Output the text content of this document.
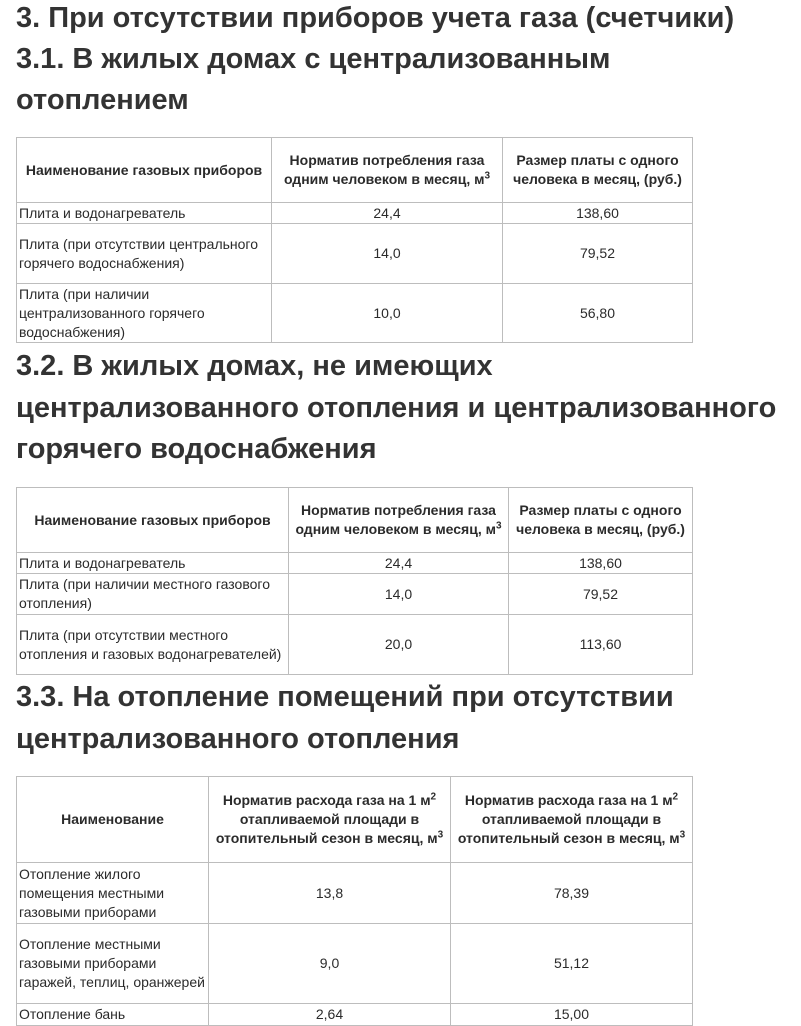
3. При отсутствии приборов учета газа (счетчики)
3.1. В жилых домах с централизованным
отоплением
Наименование газовых приборов	Норматив потребления газа одним человеком в месяц, $м^3$	Размер платы с одного человека в месяц, (руб.)
Плита и водонагреватель	24,4	138,60
Плита (при отсутствии центрального горячего водоснабжения)	14,0	79,52
Плита (при наличии централизованного горячего водоснабжения)	10,0	56,80
3.2. В жилых домах, не имеющих
централизованного отопления и централизованного
горячего водоснабжения
Наименование газовых приборов	Норматив потребления газа одним человеком в месяц, $м^3$	Размер платы с одного человека в месяц, (руб.)
Плита и водонагреватель	24,4	138,60
Плита (при наличии местного газового отопления)	14,0	79,52
Плита (при отсутствии местного отопления и газовых водонагревателей)	20,0	113,60
3.3. На отопление помещений при отсутствии
централизованного отопления
Наименование	Норматив расхода газа на 1 $м^2$ отапливаемой площади в отопительный сезон в месяц, $м^3$	Норматив расхода газа на 1 $м^2$ отапливаемой площади в отопительный сезон в месяц, $м^3$
Отопление жилого помещения местными газовыми приборами	13,8	78,39
Отопление местными газовыми приборами гаражей, теплиц, оранжерей	9,0	51,12
Отопление бань	2,64	15,00
